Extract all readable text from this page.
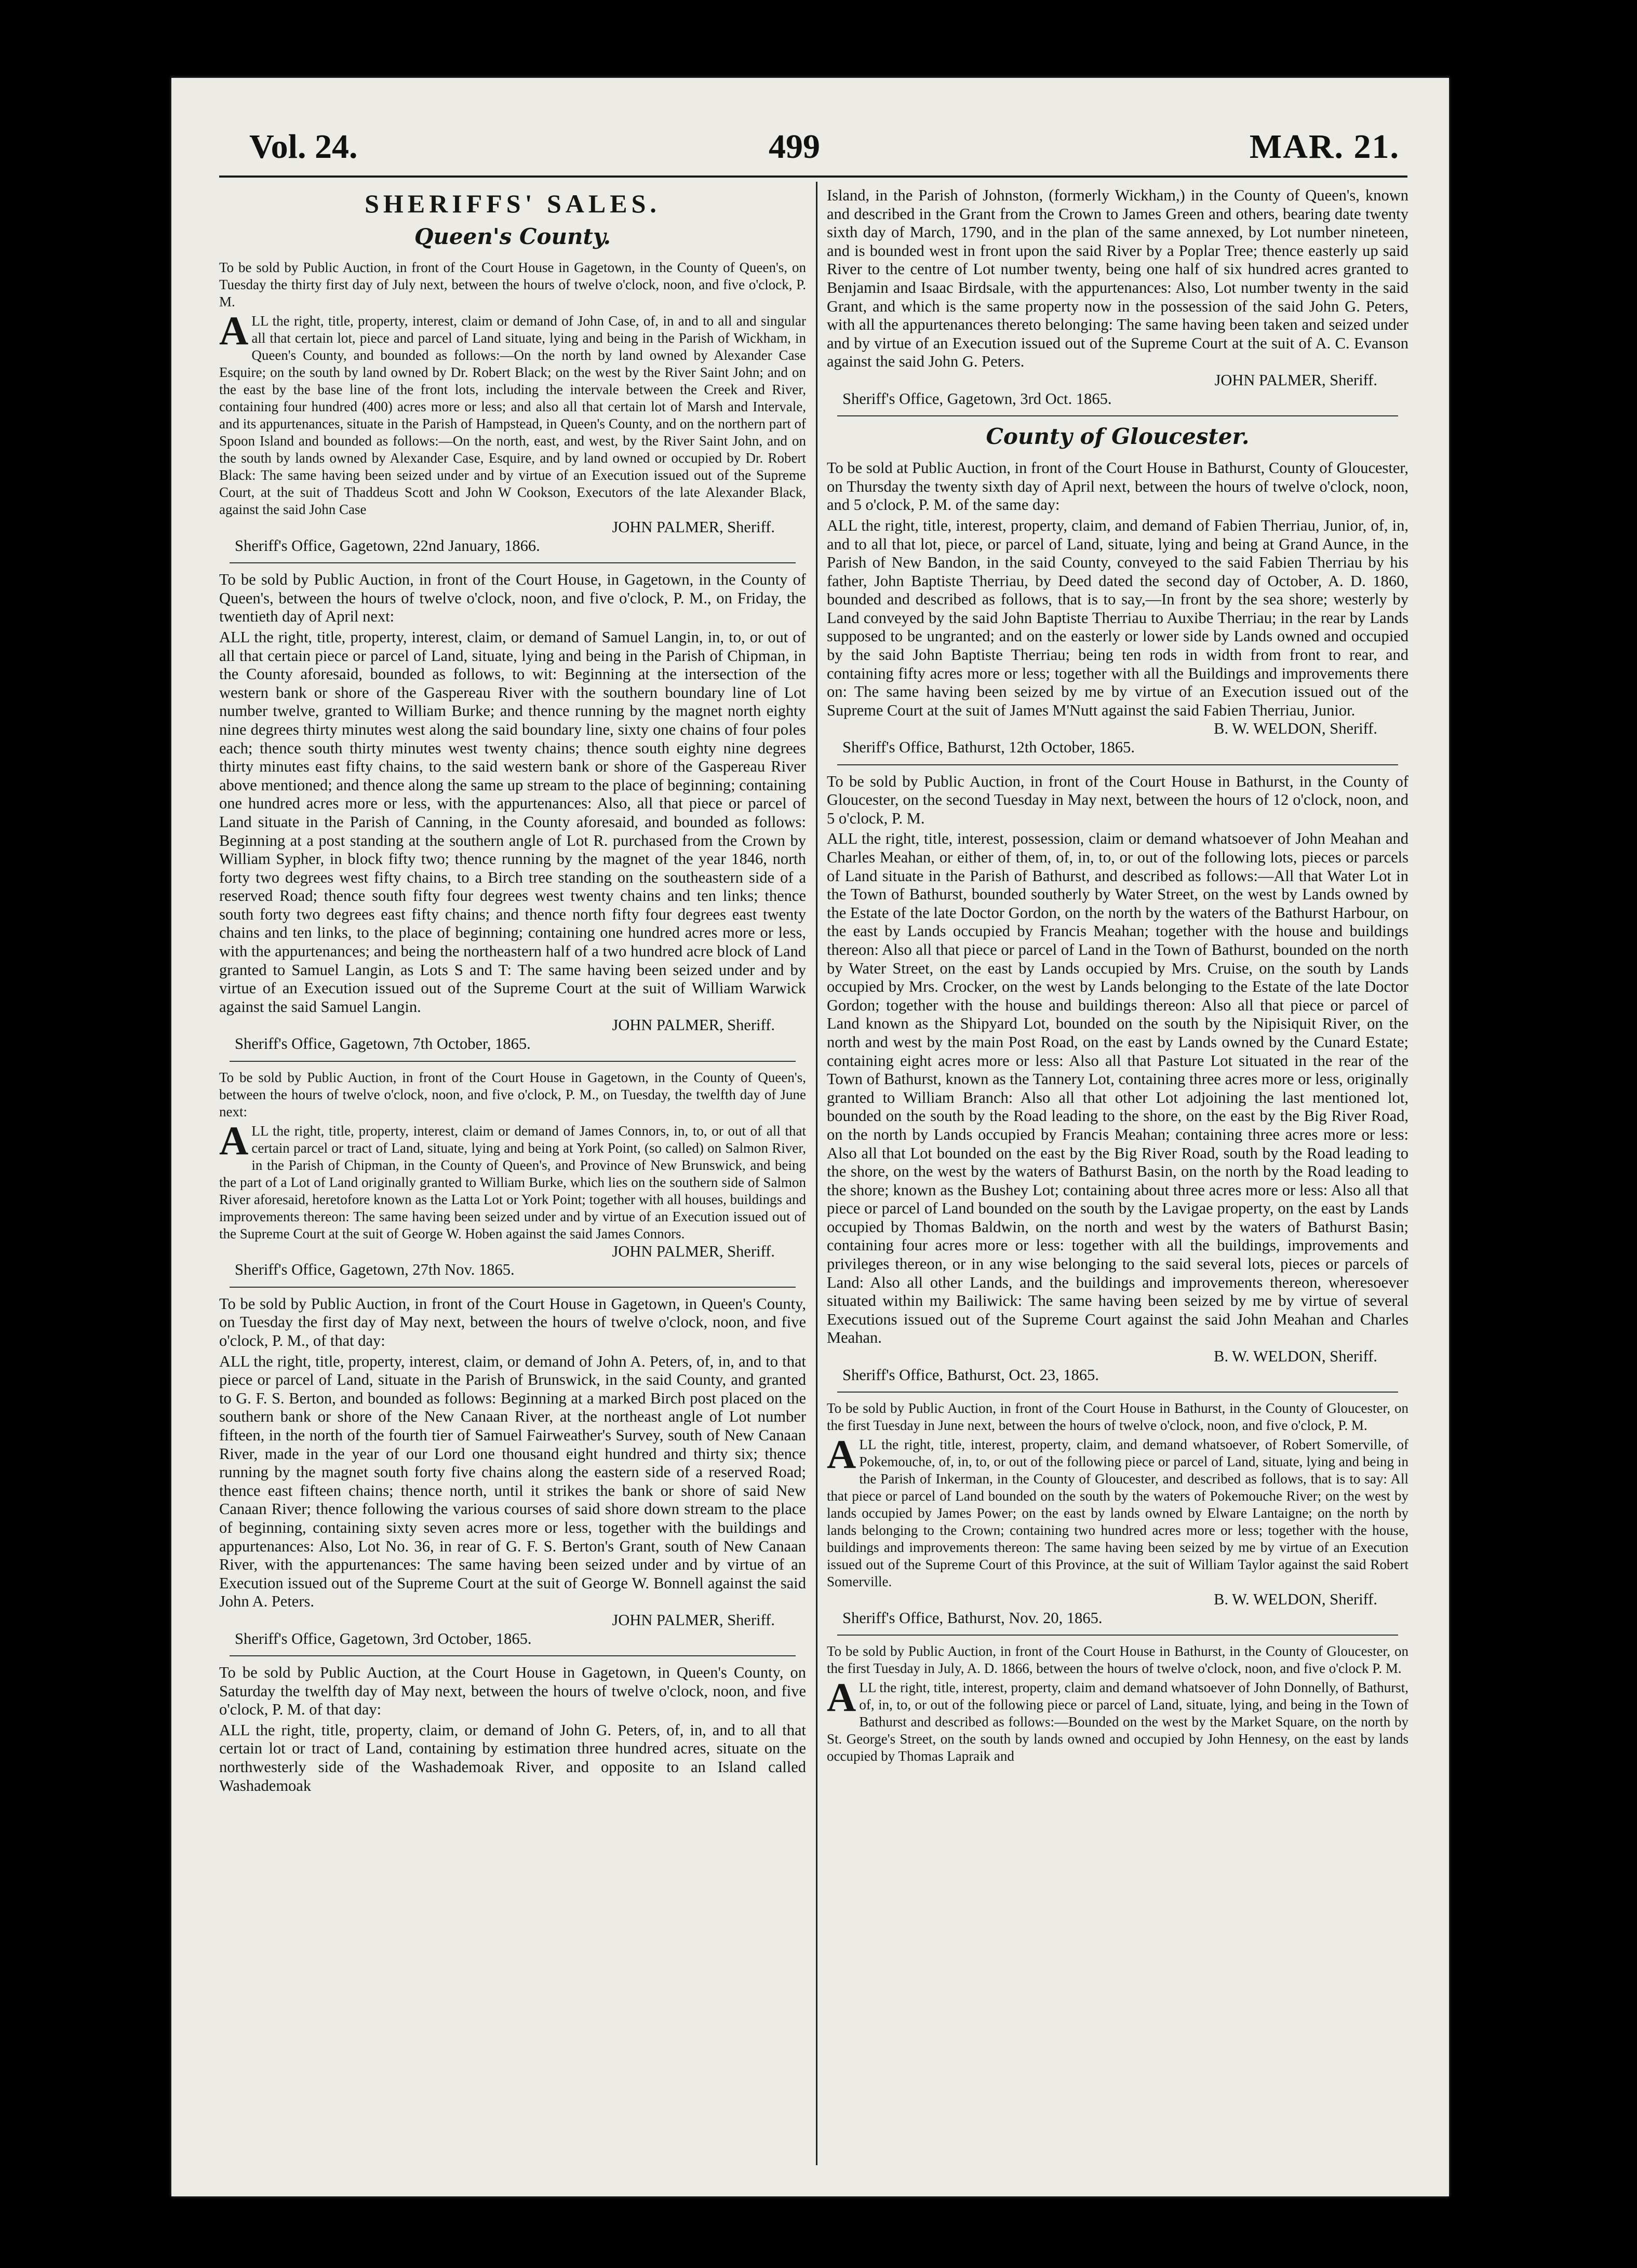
Vol. 24.	499	MAR. 21.
SHERIFFS' SALES.
Queen's County.

To be sold by Public Auction, in front of the Court House in Gagetown, in the County of Queen's, on Tuesday the thirty first day of July next, between the hours of twelve o'clock, noon, and five o'clock, P. M.

ALL the right, title, property, interest, claim or demand of John Case, of, in and to all and singular all that certain lot, piece and parcel of Land situate, lying and being in the Parish of Wickham, in Queen's County, and bounded as follows:—On the north by land owned by Alexander Case Esquire; on the south by land owned by Dr. Robert Black; on the west by the River Saint John; and on the east by the base line of the front lots, including the intervale between the Creek and River, containing four hundred (400) acres more or less; and also all that certain lot of Marsh and Intervale, and its appurtenances, situate in the Parish of Hampstead, in Queen's County, and on the northern part of Spoon Island and bounded as follows:—On the north, east, and west, by the River Saint John, and on the south by lands owned by Alexander Case, Esquire, and by land owned or occupied by Dr. Robert Black: The same having been seized under and by virtue of an Execution issued out of the Supreme Court, at the suit of Thaddeus Scott and John W Cookson, Executors of the late Alexander Black, against the said John Case

JOHN PALMER, Sheriff.

Sheriff's Office, Gagetown, 22nd January, 1866.

To be sold by Public Auction, in front of the Court House, in Gagetown, in the County of Queen's, between the hours of twelve o'clock, noon, and five o'clock, P. M., on Friday, the twentieth day of April next:

ALL the right, title, property, interest, claim, or demand of Samuel Langin, in, to, or out of all that certain piece or parcel of Land, situate, lying and being in the Parish of Chipman, in the County aforesaid, bounded as follows, to wit: Beginning at the intersection of the western bank or shore of the Gaspereau River with the southern boundary line of Lot number twelve, granted to William Burke; and thence running by the magnet north eighty nine degrees thirty minutes west along the said boundary line, sixty one chains of four poles each; thence south thirty minutes west twenty chains; thence south eighty nine degrees thirty minutes east fifty chains, to the said western bank or shore of the Gaspereau River above mentioned; and thence along the same up stream to the place of beginning; containing one hundred acres more or less, with the appurtenances: Also, all that piece or parcel of Land situate in the Parish of Canning, in the County aforesaid, and bounded as follows: Beginning at a post standing at the southern angle of Lot R. purchased from the Crown by William Sypher, in block fifty two; thence running by the magnet of the year 1846, north forty two degrees west fifty chains, to a Birch tree standing on the southeastern side of a reserved Road; thence south fifty four degrees west twenty chains and ten links; thence south forty two degrees east fifty chains; and thence north fifty four degrees east twenty chains and ten links, to the place of beginning; containing one hundred acres more or less, with the appurtenances; and being the northeastern half of a two hundred acre block of Land granted to Samuel Langin, as Lots S and T: The same having been seized under and by virtue of an Execution issued out of the Supreme Court at the suit of William Warwick against the said Samuel Langin.

JOHN PALMER, Sheriff.

Sheriff's Office, Gagetown, 7th October, 1865.

To be sold by Public Auction, in front of the Court House in Gagetown, in the County of Queen's, between the hours of twelve o'clock, noon, and five o'clock, P. M., on Tuesday, the twelfth day of June next:

ALL the right, title, property, interest, claim or demand of James Connors, in, to, or out of all that certain parcel or tract of Land, situate, lying and being at York Point, (so called) on Salmon River, in the Parish of Chipman, in the County of Queen's, and Province of New Brunswick, and being the part of a Lot of Land originally granted to William Burke, which lies on the southern side of Salmon River aforesaid, heretofore known as the Latta Lot or York Point; together with all houses, buildings and improvements thereon: The same having been seized under and by virtue of an Execution issued out of the Supreme Court at the suit of George W. Hoben against the said James Connors.

JOHN PALMER, Sheriff.

Sheriff's Office, Gagetown, 27th Nov. 1865.

To be sold by Public Auction, in front of the Court House in Gagetown, in Queen's County, on Tuesday the first day of May next, between the hours of twelve o'clock, noon, and five o'clock, P. M., of that day:

ALL the right, title, property, interest, claim, or demand of John A. Peters, of, in, and to that piece or parcel of Land, situate in the Parish of Brunswick, in the said County, and granted to G. F. S. Berton, and bounded as follows: Beginning at a marked Birch post placed on the southern bank or shore of the New Canaan River, at the northeast angle of Lot number fifteen, in the north of the fourth tier of Samuel Fairweather's Survey, south of New Canaan River, made in the year of our Lord one thousand eight hundred and thirty six; thence running by the magnet south forty five chains along the eastern side of a reserved Road; thence east fifteen chains; thence north, until it strikes the bank or shore of said New Canaan River; thence following the various courses of said shore down stream to the place of beginning, containing sixty seven acres more or less, together with the buildings and appurtenances: Also, Lot No. 36, in rear of G. F. S. Berton's Grant, south of New Canaan River, with the appurtenances: The same having been seized under and by virtue of an Execution issued out of the Supreme Court at the suit of George W. Bonnell against the said John A. Peters.

JOHN PALMER, Sheriff.

Sheriff's Office, Gagetown, 3rd October, 1865.

To be sold by Public Auction, at the Court House in Gagetown, in Queen's County, on Saturday the twelfth day of May next, between the hours of twelve o'clock, noon, and five o'clock, P. M. of that day:

ALL the right, title, property, claim, or demand of John G. Peters, of, in, and to all that certain lot or tract of Land, containing by estimation three hundred acres, situate on the northwesterly side of the Washademoak River, and opposite to an Island called Washademoak

Island, in the Parish of Johnston, (formerly Wickham,) in the County of Queen's, known and described in the Grant from the Crown to James Green and others, bearing date twenty sixth day of March, 1790, and in the plan of the same annexed, by Lot number nineteen, and is bounded west in front upon the said River by a Poplar Tree; thence easterly up said River to the centre of Lot number twenty, being one half of six hundred acres granted to Benjamin and Isaac Birdsale, with the appurtenances: Also, Lot number twenty in the said Grant, and which is the same property now in the possession of the said John G. Peters, with all the appurtenances thereto belonging: The same having been taken and seized under and by virtue of an Execution issued out of the Supreme Court at the suit of A. C. Evanson against the said John G. Peters.

JOHN PALMER, Sheriff.

Sheriff's Office, Gagetown, 3rd Oct. 1865.

County of Gloucester.

To be sold at Public Auction, in front of the Court House in Bathurst, County of Gloucester, on Thursday the twenty sixth day of April next, between the hours of twelve o'clock, noon, and 5 o'clock, P. M. of the same day:

ALL the right, title, interest, property, claim, and demand of Fabien Therriau, Junior, of, in, and to all that lot, piece, or parcel of Land, situate, lying and being at Grand Aunce, in the Parish of New Bandon, in the said County, conveyed to the said Fabien Therriau by his father, John Baptiste Therriau, by Deed dated the second day of October, A. D. 1860, bounded and described as follows, that is to say,—In front by the sea shore; westerly by Land conveyed by the said John Baptiste Therriau to Auxibe Therriau; in the rear by Lands supposed to be ungranted; and on the easterly or lower side by Lands owned and occupied by the said John Baptiste Therriau; being ten rods in width from front to rear, and containing fifty acres more or less; together with all the Buildings and improvements there on: The same having been seized by me by virtue of an Execution issued out of the Supreme Court at the suit of James M'Nutt against the said Fabien Therriau, Junior.

B. W. WELDON, Sheriff.

Sheriff's Office, Bathurst, 12th October, 1865.

To be sold by Public Auction, in front of the Court House in Bathurst, in the County of Gloucester, on the second Tuesday in May next, between the hours of 12 o'clock, noon, and 5 o'clock, P. M.

ALL the right, title, interest, possession, claim or demand whatsoever of John Meahan and Charles Meahan, or either of them, of, in, to, or out of the following lots, pieces or parcels of Land situate in the Parish of Bathurst, and described as follows:—All that Water Lot in the Town of Bathurst, bounded southerly by Water Street, on the west by Lands owned by the Estate of the late Doctor Gordon, on the north by the waters of the Bathurst Harbour, on the east by Lands occupied by Francis Meahan; together with the house and buildings thereon: Also all that piece or parcel of Land in the Town of Bathurst, bounded on the north by Water Street, on the east by Lands occupied by Mrs. Cruise, on the south by Lands occupied by Mrs. Crocker, on the west by Lands belonging to the Estate of the late Doctor Gordon; together with the house and buildings thereon: Also all that piece or parcel of Land known as the Shipyard Lot, bounded on the south by the Nipisiquit River, on the north and west by the main Post Road, on the east by Lands owned by the Cunard Estate; containing eight acres more or less: Also all that Pasture Lot situated in the rear of the Town of Bathurst, known as the Tannery Lot, containing three acres more or less, originally granted to William Branch: Also all that other Lot adjoining the last mentioned lot, bounded on the south by the Road leading to the shore, on the east by the Big River Road, on the north by Lands occupied by Francis Meahan; containing three acres more or less: Also all that Lot bounded on the east by the Big River Road, south by the Road leading to the shore, on the west by the waters of Bathurst Basin, on the north by the Road leading to the shore; known as the Bushey Lot; containing about three acres more or less: Also all that piece or parcel of Land bounded on the south by the Lavigae property, on the east by Lands occupied by Thomas Baldwin, on the north and west by the waters of Bathurst Basin; containing four acres more or less: together with all the buildings, improvements and privileges thereon, or in any wise belonging to the said several lots, pieces or parcels of Land: Also all other Lands, and the buildings and improvements thereon, wheresoever situated within my Bailiwick: The same having been seized by me by virtue of several Executions issued out of the Supreme Court against the said John Meahan and Charles Meahan.

B. W. WELDON, Sheriff.

Sheriff's Office, Bathurst, Oct. 23, 1865.

To be sold by Public Auction, in front of the Court House in Bathurst, in the County of Gloucester, on the first Tuesday in June next, between the hours of twelve o'clock, noon, and five o'clock, P. M.

ALL the right, title, interest, property, claim, and demand whatsoever, of Robert Somerville, of Pokemouche, of, in, to, or out of the following piece or parcel of Land, situate, lying and being in the Parish of Inkerman, in the County of Gloucester, and described as follows, that is to say: All that piece or parcel of Land bounded on the south by the waters of Pokemouche River; on the west by lands occupied by James Power; on the east by lands owned by Elware Lantaigne; on the north by lands belonging to the Crown; containing two hundred acres more or less; together with the house, buildings and improvements thereon: The same having been seized by me by virtue of an Execution issued out of the Supreme Court of this Province, at the suit of William Taylor against the said Robert Somerville.

B. W. WELDON, Sheriff.

Sheriff's Office, Bathurst, Nov. 20, 1865.

To be sold by Public Auction, in front of the Court House in Bathurst, in the County of Gloucester, on the first Tuesday in July, A. D. 1866, between the hours of twelve o'clock, noon, and five o'clock P. M.

ALL the right, title, interest, property, claim and demand whatsoever of John Donnelly, of Bathurst, of, in, to, or out of the following piece or parcel of Land, situate, lying, and being in the Town of Bathurst and described as follows:—Bounded on the west by the Market Square, on the north by St. George's Street, on the south by lands owned and occupied by John Hennesy, on the east by lands occupied by Thomas Lapraik and
